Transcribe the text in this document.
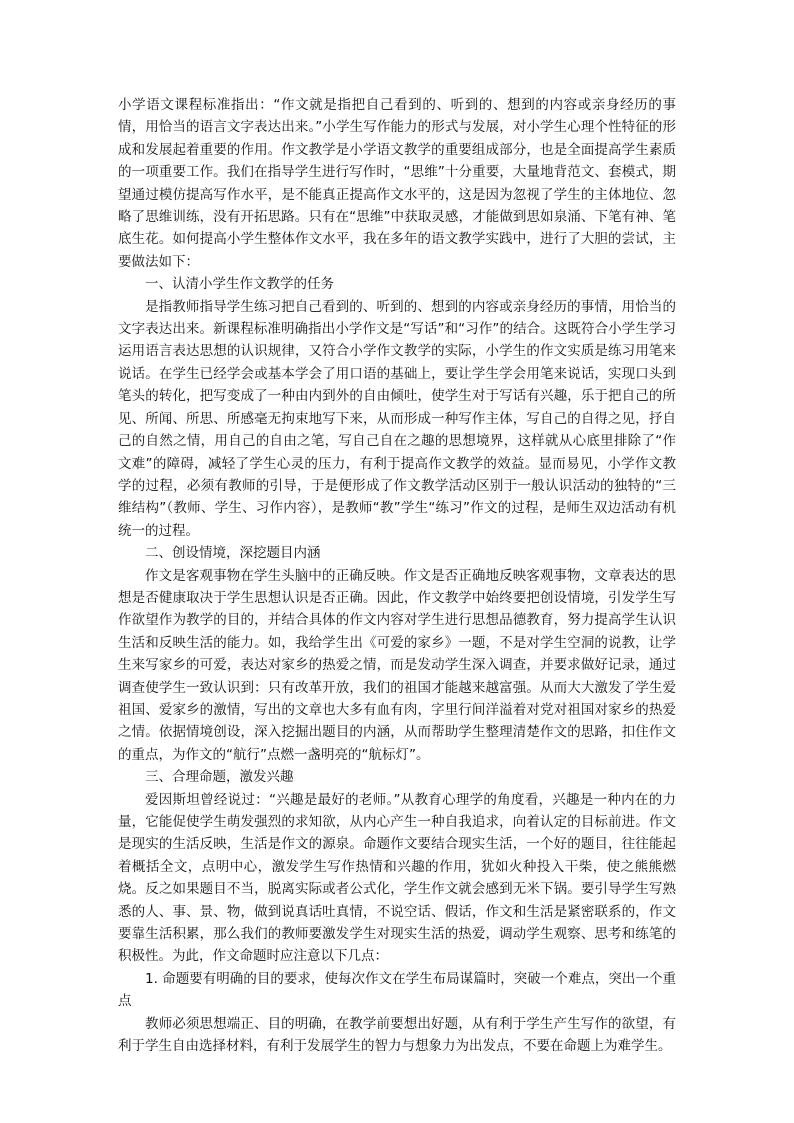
小学语文课程标准指出：“作文就是指把自己看到的、听到的、想到的内容或亲身经历的事情，用恰当的语言文字表达出来。”小学生写作能力的形式与发展，对小学生心理个性特征的形成和发展起着重要的作用。作文教学是小学语文教学的重要组成部分，也是全面提高学生素质的一项重要工作。我们在指导学生进行写作时，“思维”十分重要，大量地背范文、套模式，期望通过模仿提高写作水平，是不能真正提高作文水平的，这是因为忽视了学生的主体地位、忽略了思维训练，没有开拓思路。只有在“思维”中获取灵感，才能做到思如泉涌、下笔有神、笔底生花。如何提高小学生整体作文水平，我在多年的语文教学实践中，进行了大胆的尝试，主要做法如下：

一、认清小学生作文教学的任务

是指教师指导学生练习把自己看到的、听到的、想到的内容或亲身经历的事情，用恰当的文字表达出来。新课程标准明确指出小学作文是“写话”和“习作”的结合。这既符合小学生学习运用语言表达思想的认识规律，又符合小学作文教学的实际，小学生的作文实质是练习用笔来说话。在学生已经学会或基本学会了用口语的基础上，要让学生学会用笔来说话，实现口头到笔头的转化，把写变成了一种由内到外的自由倾吐，使学生对于写话有兴趣，乐于把自己的所见、所闻、所思、所感毫无拘束地写下来，从而形成一种写作主体，写自己的自得之见，抒自己的自然之情，用自己的自由之笔，写自己自在之趣的思想境界，这样就从心底里排除了“作文难”的障碍，减轻了学生心灵的压力，有利于提高作文教学的效益。显而易见，小学作文教学的过程，必须有教师的引导，于是便形成了作文教学活动区别于一般认识活动的独特的“三维结构”（教师、学生、习作内容），是教师“教”学生“练习”作文的过程，是师生双边活动有机统一的过程。

二、创设情境，深挖题目内涵

作文是客观事物在学生头脑中的正确反映。作文是否正确地反映客观事物，文章表达的思想是否健康取决于学生思想认识是否正确。因此，作文教学中始终要把创设情境，引发学生写作欲望作为教学的目的，并结合具体的作文内容对学生进行思想品德教育，努力提高学生认识生活和反映生活的能力。如，我给学生出《可爱的家乡》一题，不是对学生空洞的说教，让学生来写家乡的可爱，表达对家乡的热爱之情，而是发动学生深入调查，并要求做好记录，通过调查使学生一致认识到：只有改革开放，我们的祖国才能越来越富强。从而大大激发了学生爱祖国、爱家乡的激情，写出的文章也大多有血有肉，字里行间洋溢着对党对祖国对家乡的热爱之情。依据情境创设，深入挖掘出题目的内涵，从而帮助学生整理清楚作文的思路，扣住作文的重点，为作文的“航行”点燃一盏明亮的“航标灯”。

三、合理命题，激发兴趣

爱因斯坦曾经说过：“兴趣是最好的老师。”从教育心理学的角度看，兴趣是一种内在的力量，它能促使学生萌发强烈的求知欲，从内心产生一种自我追求，向着认定的目标前进。作文是现实的生活反映，生活是作文的源泉。命题作文要结合现实生活，一个好的题目，往往能起着概括全文，点明中心，激发学生写作热情和兴趣的作用，犹如火种投入干柴，使之熊熊燃烧。反之如果题目不当，脱离实际或者公式化，学生作文就会感到无米下锅。要引导学生写熟悉的人、事、景、物，做到说真话吐真情，不说空话、假话，作文和生活是紧密联系的，作文要靠生活积累，那么我们的教师要激发学生对现实生活的热爱，调动学生观察、思考和练笔的积极性。为此，作文命题时应注意以下几点：

1. 命题要有明确的目的要求，使每次作文在学生布局谋篇时，突破一个难点，突出一个重点

教师必须思想端正、目的明确，在教学前要想出好题，从有利于学生产生写作的欲望，有利于学生自由选择材料，有利于发展学生的智力与想象力为出发点，不要在命题上为难学生。
